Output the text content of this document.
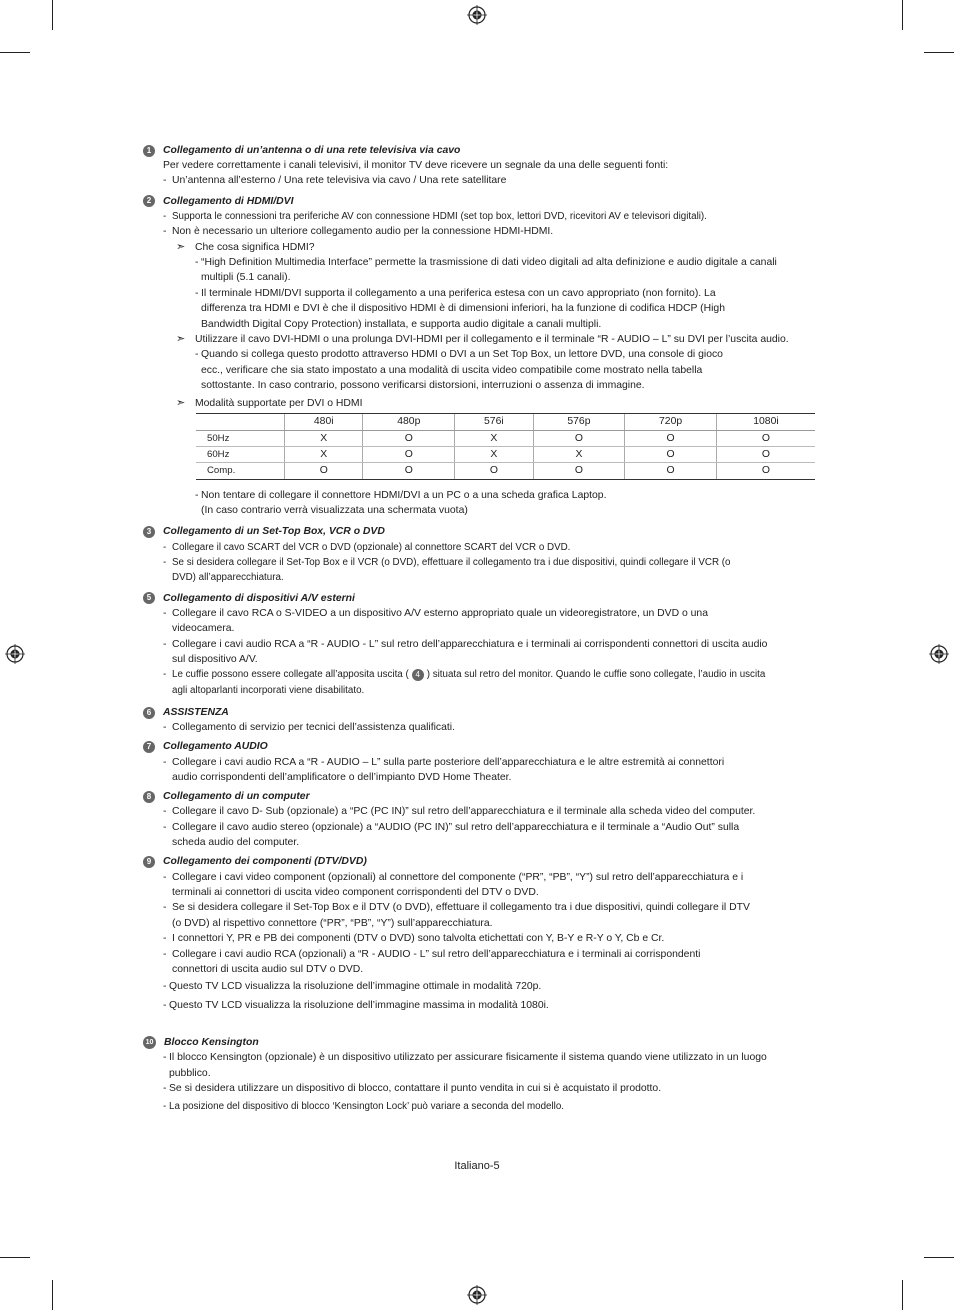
1	Collegamento di un’antenna o di una rete televisiva via cavo
Per vedere correttamente i canali televisivi, il monitor TV deve ricevere un segnale da una delle seguenti fonti:
- Un’antenna all’esterno / Una rete televisiva via cavo / Una rete satellitare
2	Collegamento di HDMI/DVI
- Supporta le connessioni tra periferiche AV con connessione HDMI (set top box, lettori DVD, ricevitori AV e televisori digitali).
- Non è necessario un ulteriore collegamento audio per la connessione HDMI-HDMI.
➣ Che cosa significa HDMI?
- “High Definition Multimedia Interface” permette la trasmissione di dati video digitali ad alta definizione e audio digitale a canali multipli (5.1 canali).
- Il terminale HDMI/DVI supporta il collegamento a una periferica estesa con un cavo appropriato (non fornito). La differenza tra HDMI e DVI è che il dispositivo HDMI è di dimensioni inferiori, ha la funzione di codifica HDCP (High Bandwidth Digital Copy Protection) installata, e supporta audio digitale a canali multipli.
➣ Utilizzare il cavo DVI-HDMI o una prolunga DVI-HDMI per il collegamento e il terminale “R - AUDIO – L” su DVI per l’uscita audio.
- Quando si collega questo prodotto attraverso HDMI o DVI a un Set Top Box, un lettore DVD, una console di gioco ecc., verificare che sia stato impostato a una modalità di uscita video compatibile come mostrato nella tabella sottostante. In caso contrario, possono verificarsi distorsioni, interruzioni o assenza di immagine.
➣ Modalità supportate per DVI o HDMI
	480i	480p	576i	576p	720p	1080i
50Hz	X	O	X	O	O	O
60Hz	X	O	X	X	O	O
Comp.	O	O	O	O	O	O
- Non tentare di collegare il connettore HDMI/DVI a un PC o a una scheda grafica Laptop.
(In caso contrario verrà visualizzata una schermata vuota)
3	Collegamento di un Set-Top Box, VCR o DVD
- Collegare il cavo SCART del VCR o DVD (opzionale) al connettore SCART del VCR o DVD.
- Se si desidera collegare il Set-Top Box e il VCR (o DVD), effettuare il collegamento tra i due dispositivi, quindi collegare il VCR (o DVD) all’apparecchiatura.
5	Collegamento di dispositivi A/V esterni
- Collegare il cavo RCA o S-VIDEO a un dispositivo A/V esterno appropriato quale un videoregistratore, un DVD o una videocamera.
- Collegare i cavi audio RCA a “R - AUDIO - L” sul retro dell’apparecchiatura e i terminali ai corrispondenti connettori di uscita audio sul dispositivo A/V.
- Le cuffie possono essere collegate all’apposita uscita ( 4 ) situata sul retro del monitor. Quando le cuffie sono collegate, l’audio in uscita agli altoparlanti incorporati viene disabilitato.
6	ASSISTENZA
- Collegamento di servizio per tecnici dell’assistenza qualificati.
7	Collegamento AUDIO
- Collegare i cavi audio RCA a “R - AUDIO – L” sulla parte posteriore dell’apparecchiatura e le altre estremità ai connettori audio corrispondenti dell’amplificatore o dell’impianto DVD Home Theater.
8	Collegamento di un computer
- Collegare il cavo D- Sub (opzionale) a “PC (PC IN)” sul retro dell’apparecchiatura e il terminale alla scheda video del computer.
- Collegare il cavo audio stereo (opzionale) a “AUDIO (PC IN)” sul retro dell’apparecchiatura e il terminale a “Audio Out” sulla scheda audio del computer.
9	Collegamento dei componenti (DTV/DVD)
- Collegare i cavi video component (opzionali) al connettore del componente (“PR”, “PB”, “Y”) sul retro dell’apparecchiatura e i terminali ai connettori di uscita video component corrispondenti del DTV o DVD.
- Se si desidera collegare il Set-Top Box e il DTV (o DVD), effettuare il collegamento tra i due dispositivi, quindi collegare il DTV (o DVD) al rispettivo connettore (“PR”, “PB”, “Y”) sull’apparecchiatura.
- I connettori Y, PR e PB dei componenti (DTV o DVD) sono talvolta etichettati con Y, B-Y e R-Y o Y, Cb e Cr.
- Collegare i cavi audio RCA (opzionali) a “R - AUDIO - L” sul retro dell’apparecchiatura e i terminali ai corrispondenti connettori di uscita audio sul DTV o DVD.
- Questo TV LCD visualizza la risoluzione dell’immagine ottimale in modalità 720p.
- Questo TV LCD visualizza la risoluzione dell’immagine massima in modalità 1080i.
10 Blocco Kensington
- Il blocco Kensington (opzionale) è un dispositivo utilizzato per assicurare fisicamente il sistema quando viene utilizzato in un luogo pubblico.
- Se si desidera utilizzare un dispositivo di blocco, contattare il punto vendita in cui si è acquistato il prodotto.
- La posizione del dispositivo di blocco ‘Kensington Lock’ può variare a seconda del modello.
Italiano-5
